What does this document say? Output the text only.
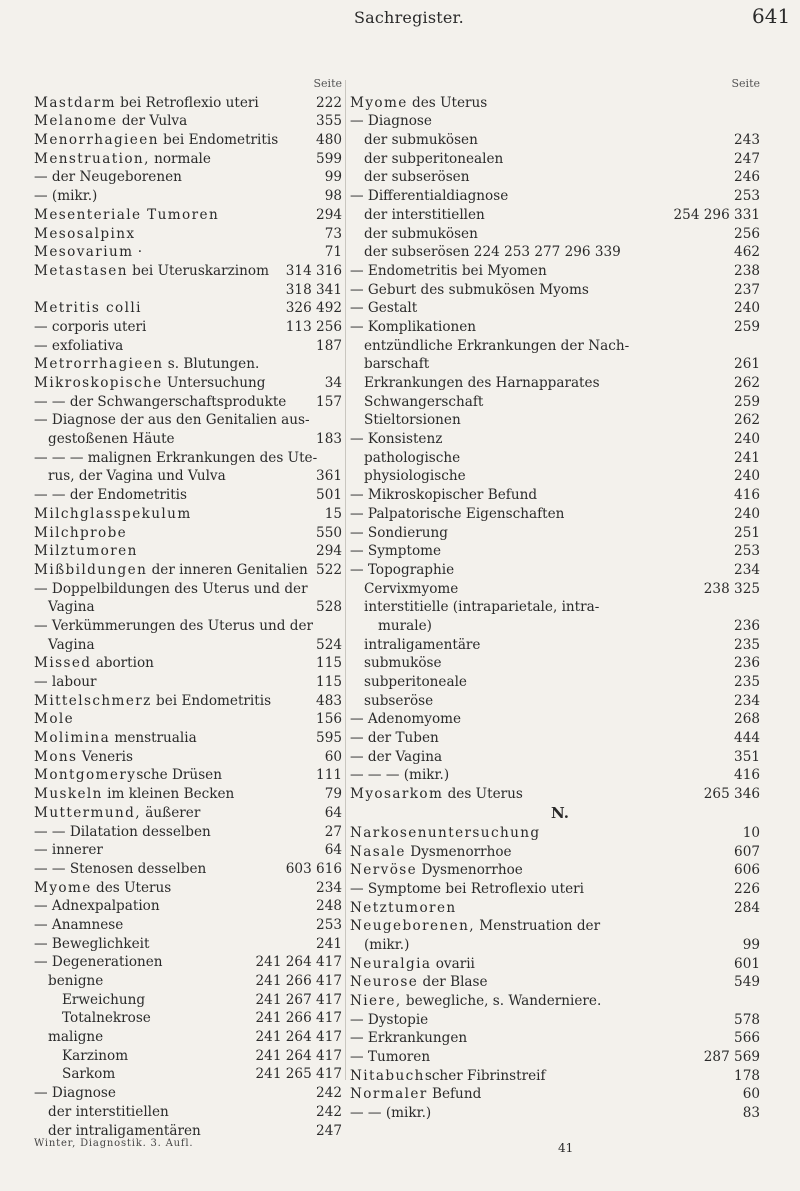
Sachregister.	641
Seite
Mastdarm bei Retroflexio uteri	222
Melanome der Vulva	355
Menorrhagieen bei Endometritis	480
Menstruation, normale	599
— der Neugeborenen	99
— (mikr.)	98
Mesenteriale Tumoren	294
Mesosalpinx	73
Mesovarium ·	71
Metastasen bei Uteruskarzinom 314 316
318 341
Metritis colli	326 492
— corporis uteri	113 256
— exfoliativa	187
Metrorrhagieen s. Blutungen.
Mikroskopische Untersuchung	34
— — der Schwangerschaftsprodukte 157
— Diagnose der aus den Genitalien aus-
gestoßenen Häute	183
— — — malignen Erkrankungen des Ute-
rus, der Vagina und Vulva	361
— — der Endometritis	501
Milchglasspekulum	15
Milchprobe	550
Milztumoren	294
Mißbildungen der inneren Genitalien 522
— Doppelbildungen des Uterus und der
Vagina	528
— Verkümmerungen des Uterus und der
Vagina	524
Missed abortion	115
— labour	115
Mittelschmerz bei Endometritis	483
Mole	156
Molimina menstrualia	595
Mons Veneris	60
Montgomerysche Drüsen	111
Muskeln im kleinen Becken	79
Muttermund, äußerer	64
— — Dilatation desselben	27
— innerer	64
— — Stenosen desselben	603 616
Myome des Uterus	234
— Adnexpalpation	248
— Anamnese	253
— Beweglichkeit	241
— Degenerationen	241 264 417
benigne	241 266 417
Erweichung	241 267 417
Totalnekrose	241 266 417
maligne	241 264 417
Karzinom	241 264 417
Sarkom	241 265 417
— Diagnose	242
der interstitiellen	242
der intraligamentären	247
Seite
Myome des Uterus
— Diagnose
der submukösen	243
der subperitonealen	247
der subserösen	246
— Differentialdiagnose	253
der interstitiellen	254 296 331
der submukösen	256
der subserösen 224 253 277 296 339	462
— Endometritis bei Myomen	238
— Geburt des submukösen Myoms	237
— Gestalt	240
— Komplikationen	259
entzündliche Erkrankungen der Nach-
barschaft	261
Erkrankungen des Harnapparates	262
Schwangerschaft	259
Stieltorsionen	262
— Konsistenz	240
pathologische	241
physiologische	240
— Mikroskopischer Befund	416
— Palpatorische Eigenschaften	240
— Sondierung	251
— Symptome	253
— Topographie	234
Cervixmyome	238 325
interstitielle (intraparietale, intra-
murale)	236
intraligamentäre	235
submuköse	236
subperitoneale	235
subseröse	234
— Adenomyome	268
— der Tuben	444
— der Vagina	351
— — — (mikr.)	416
Myosarkom des Uterus	265 346
N.
Narkosenuntersuchung	10
Nasale Dysmenorrhoe	607
Nervöse Dysmenorrhoe	606
— Symptome bei Retroflexio uteri	226
Netztumoren	284
Neugeborenen, Menstruation der
(mikr.)	99
Neuralgia ovarii	601
Neurose der Blase	549
Niere, bewegliche, s. Wanderniere.
— Dystopie	578
— Erkrankungen	566
— Tumoren	287 569
Nitabuchscher Fibrinstreif	178
Normaler Befund	60
— — (mikr.)	83
Winter, Diagnostik. 3. Aufl.	41
